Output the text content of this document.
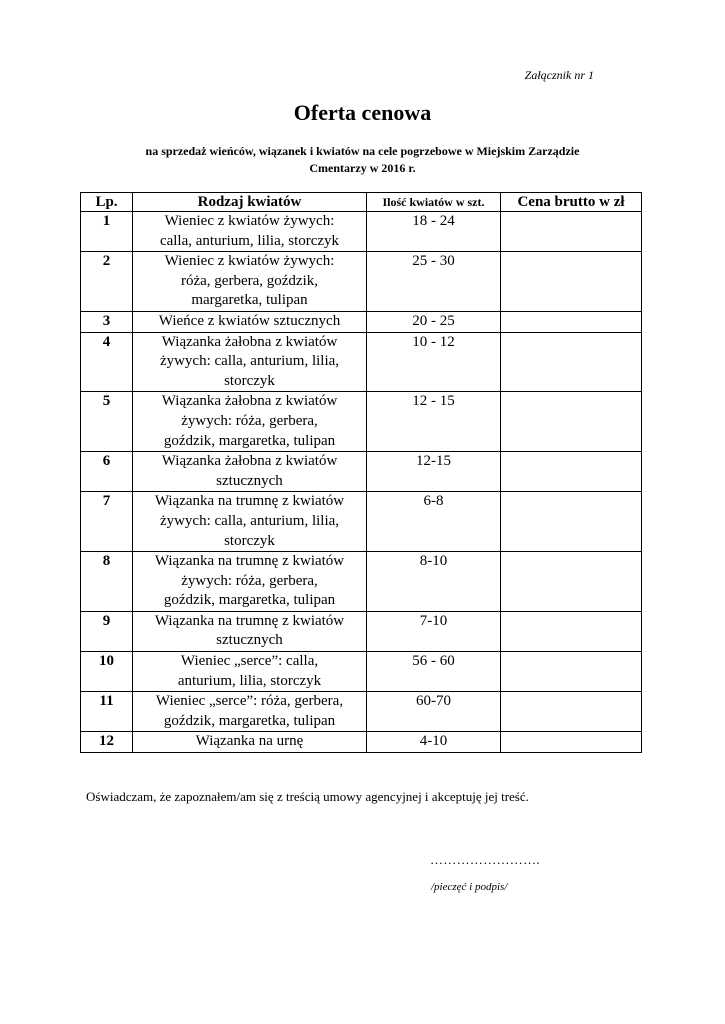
Załącznik nr 1
Oferta cenowa
na sprzedaż wieńców, wiązanek i kwiatów na cele pogrzebowe w Miejskim Zarządzie
Cmentarzy w 2016 r.
Lp.	Rodzaj kwiatów	Ilość kwiatów w szt.	Cena brutto w zł
1	Wieniec z kwiatów żywych:
calla, anturium, lilia, storczyk	18 - 24	
2	Wieniec z kwiatów żywych:
róża, gerbera, goździk,
margaretka, tulipan	25 - 30	
3	Wieńce z kwiatów sztucznych	20 - 25	
4	Wiązanka żałobna z kwiatów
żywych: calla, anturium, lilia,
storczyk	10 - 12	
5	Wiązanka żałobna z kwiatów
żywych: róża, gerbera,
goździk, margaretka, tulipan	12 - 15	
6	Wiązanka żałobna z kwiatów
sztucznych	12-15	
7	Wiązanka na trumnę z kwiatów
żywych: calla, anturium, lilia,
storczyk	6-8	
8	Wiązanka na trumnę z kwiatów
żywych: róża, gerbera,
goździk, margaretka, tulipan	8-10	
9	Wiązanka na trumnę z kwiatów
sztucznych	7-10	
10	Wieniec „serce”: calla,
anturium, lilia, storczyk	56 - 60	
11	Wieniec „serce”: róża, gerbera,
goździk, margaretka, tulipan	60-70	
12	Wiązanka na urnę	4-10	
Oświadczam, że zapoznałem/am się z treścią umowy agencyjnej i akceptuję jej treść.
…………………….
/pieczęć i podpis/
